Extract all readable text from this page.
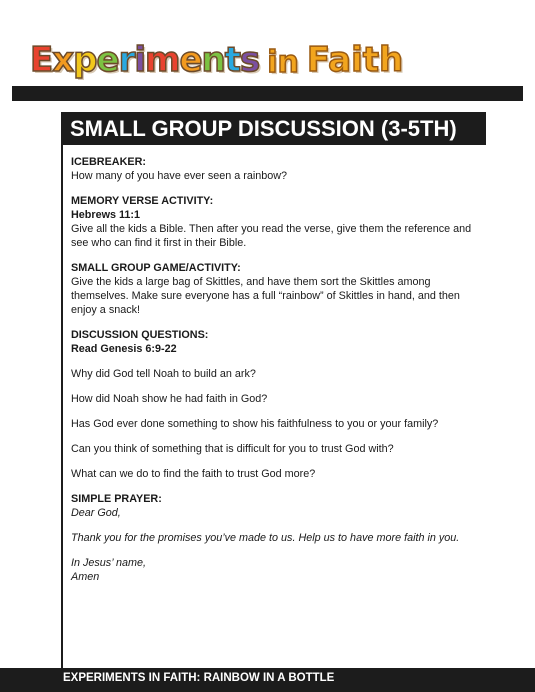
Experiments in Faith
SMALL GROUP DISCUSSION (3-5TH)

ICEBREAKER:

How many of you have ever seen a rainbow?

MEMORY VERSE ACTIVITY:

Hebrews 11:1

Give all the kids a Bible. Then after you read the verse, give them the reference and see who can find it first in their Bible.

SMALL GROUP GAME/ACTIVITY:

Give the kids a large bag of Skittles, and have them sort the Skittles among themselves. Make sure everyone has a full “rainbow” of Skittles in hand, and then enjoy a snack!

DISCUSSION QUESTIONS:

Read Genesis 6:9-22

Why did God tell Noah to build an ark?

How did Noah show he had faith in God?

Has God ever done something to show his faithfulness to you or your family?

Can you think of something that is difficult for you to trust God with?

What can we do to find the faith to trust God more?

SIMPLE PRAYER:

Dear God,

Thank you for the promises you’ve made to us. Help us to have more faith in you.

In Jesus’ name,

Amen

EXPERIMENTS IN FAITH: RAINBOW IN A BOTTLE
